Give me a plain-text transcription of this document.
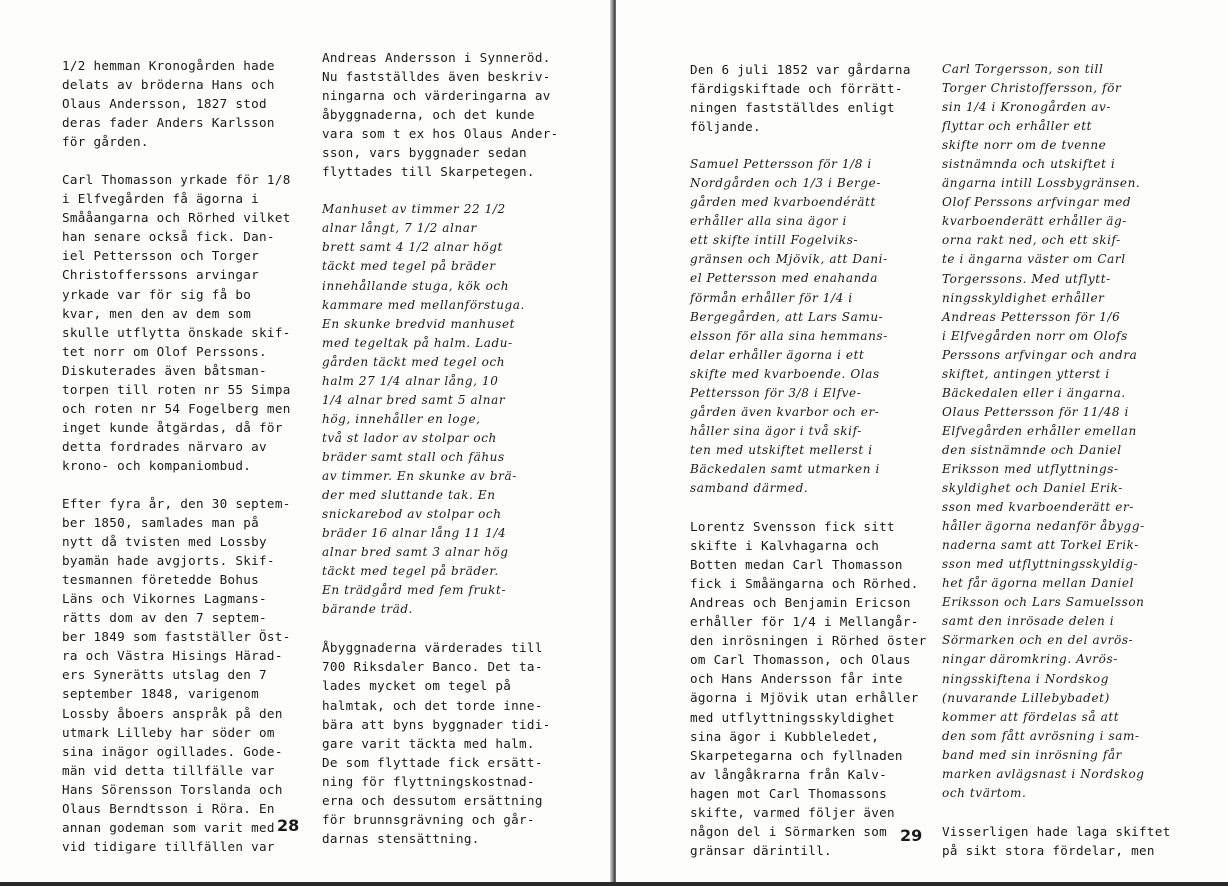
1/2 hemman Kronogården hade
delats av bröderna Hans och
Olaus Andersson, 1827 stod
deras fader Anders Karlsson
för gården.

Carl Thomasson yrkade för 1/8
i Elfvegården få ägorna i
Smååangarna och Rörhed vilket
han senare också fick. Dan-
iel Pettersson och Torger
Christofferssons arvingar
yrkade var för sig få bo
kvar, men den av dem som
skulle utflytta önskade skif-
tet norr om Olof Perssons.
Diskuterades även båtsman-
torpen till roten nr 55 Simpa
och roten nr 54 Fogelberg men
inget kunde åtgärdas, då för
detta fordrades närvaro av
krono- och kompaniombud.

Efter fyra år, den 30 septem-
ber 1850, samlades man på
nytt då tvisten med Lossby
byamän hade avgjorts. Skif-
tesmannen företedde Bohus
Läns och Vikornes Lagmans-
rätts dom av den 7 septem-
ber 1849 som fastställer Öst-
ra och Västra Hisings Härad-
ers Synerätts utslag den 7
september 1848, varigenom
Lossby åboers anspråk på den
utmark Lilleby har söder om
sina inägor ogillades. Gode-
män vid detta tillfälle var
Hans Sörensson Torslanda och
Olaus Berndtsson i Röra. En
annan godeman som varit med
vid tidigare tillfällen var

Andreas Andersson i Synneröd.
Nu fastställdes även beskriv-
ningarna och värderingarna av
åbyggnaderna, och det kunde
vara som t ex hos Olaus Ander-
sson, vars byggnader sedan
flyttades till Skarpetegen.

Manhuset av timmer 22 1/2
alnar långt, 7 1/2 alnar
brett samt 4 1/2 alnar högt
täckt med tegel på bräder
innehållande stuga, kök och
kammare med mellanförstuga.
En skunke bredvid manhuset
med tegeltak på halm. Ladu-
gården täckt med tegel och
halm 27 1/4 alnar lång, 10
1/4 alnar bred samt 5 alnar
hög, innehåller en loge,
två st lador av stolpar och
bräder samt stall och fähus
av timmer. En skunke av brä-
der med sluttande tak. En
snickarebod av stolpar och
bräder 16 alnar lång 11 1/4
alnar bred samt 3 alnar hög
täckt med tegel på bräder.
En trädgård med fem frukt-
bärande träd.

Åbyggnaderna värderades till
700 Riksdaler Banco. Det ta-
lades mycket om tegel på
halmtak, och det torde inne-
bära att byns byggnader tidi-
gare varit täckta med halm.
De som flyttade fick ersätt-
ning för flyttningskostnad-
erna och dessutom ersättning
för brunnsgrävning och går-
darnas stensättning.

28

Den 6 juli 1852 var gårdarna
färdigskiftade och förrätt-
ningen fastställdes enligt
följande.

Samuel Pettersson för 1/8 i
Nordgården och 1/3 i Berge-
gården med kvarboendérätt
erhåller alla sina ägor i
ett skifte intill Fogelviks-
gränsen och Mjövik, att Dani-
el Pettersson med enahanda
förmån erhåller för 1/4 i
Bergegården, att Lars Samu-
elsson för alla sina hemmans-
delar erhåller ägorna i ett
skifte med kvarboende. Olas
Pettersson för 3/8 i Elfve-
gården även kvarbor och er-
håller sina ägor i två skif-
ten med utskiftet mellerst i
Bäckedalen samt utmarken i
samband därmed.

Lorentz Svensson fick sitt
skifte i Kalvhagarna och
Botten medan Carl Thomasson
fick i Småängarna och Rörhed.
Andreas och Benjamin Ericson
erhåller för 1/4 i Mellangår-
den inrösningen i Rörhed
om Carl Thomasson, och Olaus
och Hans Andersson får inte
ägorna i Mjövik utan erhåller
med utflyttningsskyldighet
sina ägor i Kubbleledet,
Skarpetegarna och fyllnaden
av långåkrarna från Kalv-
hagen mot Carl Thomassons
skifte, varmed följer även
någon del i Sörmarken som
gränsar därintill.

Carl Torgersson, son till
Torger Christoffersson, för
sin 1/4 i Kronogården av-
flyttar och erhåller ett
skifte norr om de tvenne
sistnämnda och utskiftet i
ängarna intill Lossbygränsen.
Olof Perssons arfvingar med
kvarboenderätt erhåller äg-
orna rakt ned, och ett skif-
te i ängarna väster om Carl
Torgerssons. Med utflytt-
ningsskyldighet erhåller
Andreas Pettersson för 1/6
i Elfvegården norr om Olofs
Perssons arfvingar och andra
skiftet, antingen ytterst i
Bäckedalen eller i ängarna.
Olaus Pettersson för 11/48 i
Elfvegården erhåller emellan
den sistnämnde och Daniel
Eriksson med utflyttnings-
skyldighet och Daniel Erik-
sson med kvarboenderätt er-
håller ägorna nedanför åbygg-
naderna samt att Torkel Erik-
sson med utflyttningsskyldig-
het får ägorna mellan Daniel
Eriksson och Lars Samuelsson
samt den inrösade delen i
Sörmarken och en del avrös-
ningar däromkring. Avrös-
ningsskiftena i Nordskog
(nuvarande Lillebybadet)
kommer att fördelas så att
den som fått avrösning i sam-
band med sin inrösning får
marken avlägsnast i Nordskog
och tvärtom.

Visserligen hade laga skiftet
på sikt stora fördelar, men

29
